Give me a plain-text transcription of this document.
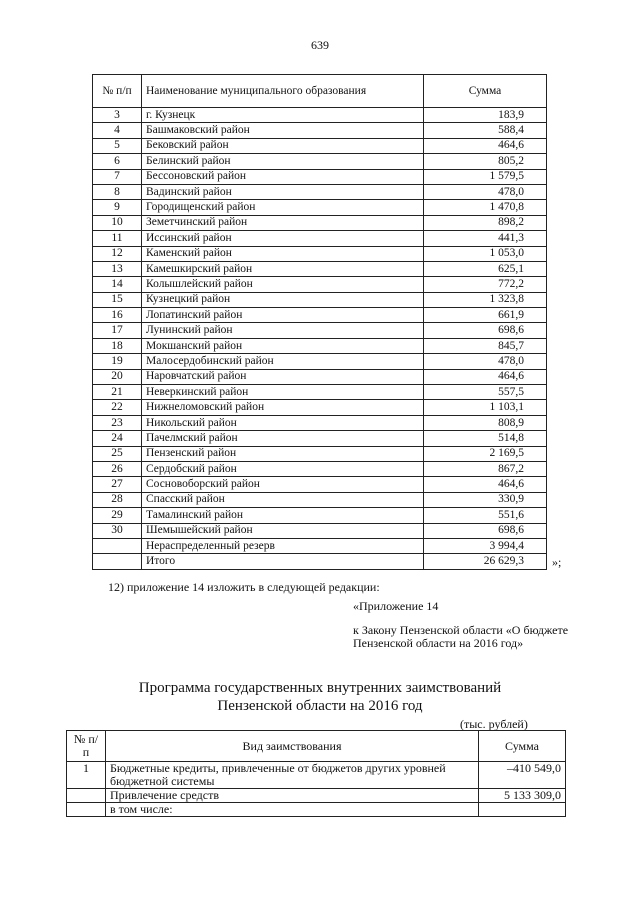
639
№ п/п	Наименование муниципального образования	Сумма
3	г. Кузнецк	183,9
4	Башмаковский район	588,4
5	Бековский район	464,6
6	Белинский район	805,2
7	Бессоновский район	1 579,5
8	Вадинский район	478,0
9	Городищенский район	1 470,8
10	Земетчинский район	898,2
11	Иссинский район	441,3
12	Каменский район	1 053,0
13	Камешкирский район	625,1
14	Колышлейский район	772,2
15	Кузнецкий район	1 323,8
16	Лопатинский район	661,9
17	Лунинский район	698,6
18	Мокшанский район	845,7
19	Малосердобинский район	478,0
20	Наровчатский район	464,6
21	Неверкинский район	557,5
22	Нижнеломовский район	1 103,1
23	Никольский район	808,9
24	Пачелмский район	514,8
25	Пензенский район	2 169,5
26	Сердобский район	867,2
27	Сосновоборский район	464,6
28	Спасский район	330,9
29	Тамалинский район	551,6
30	Шемышейский район	698,6
	Нераспределенный резерв	3 994,4
	Итого	26 629,3 »;
12) приложение 14 изложить в следующей редакции:
«Приложение 14
к Закону Пензенской области «О бюджете Пензенской области на 2016 год»
Программа государственных внутренних заимствований
Пензенской области на 2016 год
(тыс. рублей)
№ п/п	Вид заимствования	Сумма
1	Бюджетные кредиты, привлеченные от бюджетов других уровней бюджетной системы	–410 549,0
	Привлечение средств	5 133 309,0
	в том числе:	
